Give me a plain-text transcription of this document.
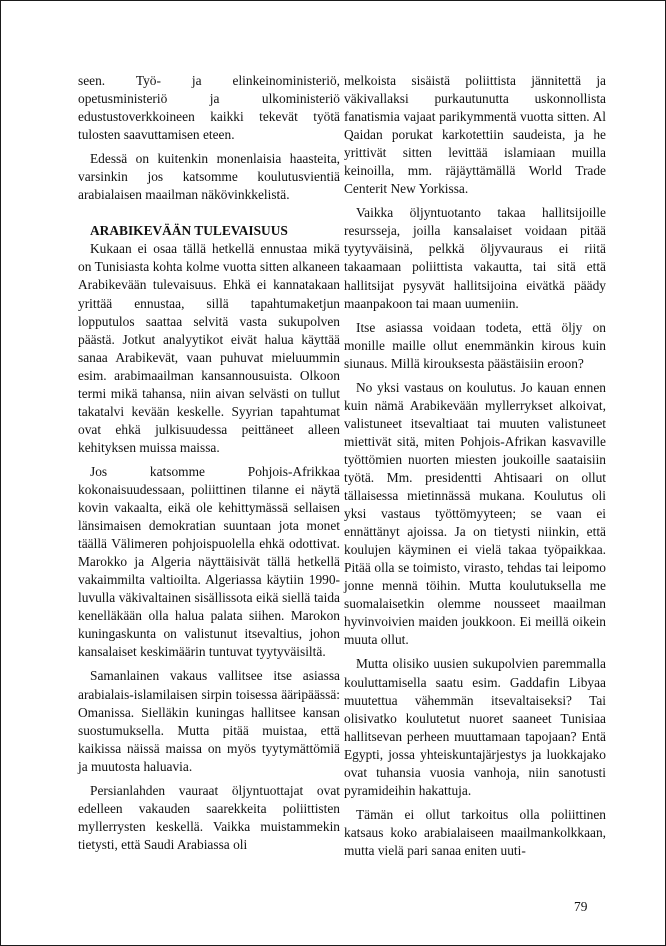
seen. Työ- ja elinkeinoministeriö, opetusministeriö ja ulkoministeriö edustustoverkkoineen kaikki tekevät työtä tulosten saavuttamisen eteen.

Edessä on kuitenkin monenlaisia haasteita, varsinkin jos katsomme koulutusvientiä arabialaisen maailman näkövinkkelistä.

ARABIKEVÄÄN TULEVAISUUS

Kukaan ei osaa tällä hetkellä ennustaa mikä on Tunisiasta kohta kolme vuotta sitten alkaneen Arabikevään tulevaisuus. Ehkä ei kannatakaan yrittää ennustaa, sillä tapahtumaketjun lopputulos saattaa selvitä vasta sukupolven päästä. Jotkut analyytikot eivät halua käyttää sanaa Arabikevät, vaan puhuvat mieluummin esim. arabimaailman kansannousuista. Olkoon termi mikä tahansa, niin aivan selvästi on tullut takatalvi kevään keskelle. Syyrian tapahtumat ovat ehkä julkisuudessa peittäneet alleen kehityksen muissa maissa.

Jos katsomme Pohjois-Afrikkaa kokonaisuudessaan, poliittinen tilanne ei näytä kovin vakaalta, eikä ole kehittymässä sellaisen länsimaisen demokratian suuntaan jota monet täällä Välimeren pohjoispuolella ehkä odottivat. Marokko ja Algeria näyttäisivät tällä hetkellä vakaimmilta valtioilta. Algeriassa käytiin 1990-luvulla väkivaltainen sisällissota eikä siellä taida kenelläkään olla halua palata siihen. Marokon kuningaskunta on valistunut itsevaltius, johon kansalaiset keskimäärin tuntuvat tyytyväisiltä.

Samanlainen vakaus vallitsee itse asiassa arabialais-islamilaisen sirpin toisessa ääripäässä: Omanissa. Sielläkin kuningas hallitsee kansan suostumuksella. Mutta pitää muistaa, että kaikissa näissä maissa on myös tyytymättömiä ja muutosta haluavia.

Persianlahden vauraat öljyntuottajat ovat edelleen vakauden saarekkeita poliittisten myllerrysten keskellä. Vaikka muistammekin tietysti, että Saudi Arabiassa oli

melkoista sisäistä poliittista jännitettä ja väkivallaksi purkautunutta uskonnollista fanatismia vajaat parikymmentä vuotta sitten. Al Qaidan porukat karkotettiin saudeista, ja he yrittivät sitten levittää islamiaan muilla keinoilla, mm. räjäyttämällä World Trade Centerit New Yorkissa.

Vaikka öljyntuotanto takaa hallitsijoille resursseja, joilla kansalaiset voidaan pitää tyytyväisinä, pelkkä öljyvauraus ei riitä takaamaan poliittista vakautta, tai sitä että hallitsijat pysyvät hallitsijoina eivätkä päädy maanpakoon tai maan uumeniin.

Itse asiassa voidaan todeta, että öljy on monille maille ollut enemmänkin kirous kuin siunaus. Millä kirouksesta päästäisiin eroon?

No yksi vastaus on koulutus. Jo kauan ennen kuin nämä Arabikevään myllerrykset alkoivat, valistuneet itsevaltiaat tai muuten valistuneet miettivät sitä, miten Pohjois-Afrikan kasvaville työttömien nuorten miesten joukoille saataisiin työtä. Mm. presidentti Ahtisaari on ollut tällaisessa mietinnässä mukana. Koulutus oli yksi vastaus työttömyyteen; se vaan ei ennättänyt ajoissa. Ja on tietysti niinkin, että koulujen käyminen ei vielä takaa työpaikkaa. Pitää olla se toimisto, virasto, tehdas tai leipomo jonne mennä töihin. Mutta koulutuksella me suomalaisetkin olemme nousseet maailman hyvinvoivien maiden joukkoon. Ei meillä oikein muuta ollut.

Mutta olisiko uusien sukupolvien paremmalla kouluttamisella saatu esim. Gaddafin Libyaa muutettua vähemmän itsevaltaiseksi? Tai olisivatko koulutetut nuoret saaneet Tunisiaa hallitsevan perheen muuttamaan tapojaan? Entä Egypti, jossa yhteiskuntajärjestys ja luokkajako ovat tuhansia vuosia vanhoja, niin sanotusti pyramideihin hakattuja.

Tämän ei ollut tarkoitus olla poliittinen katsaus koko arabialaiseen maailmankolkkaan, mutta vielä pari sanaa eniten uuti-

79
